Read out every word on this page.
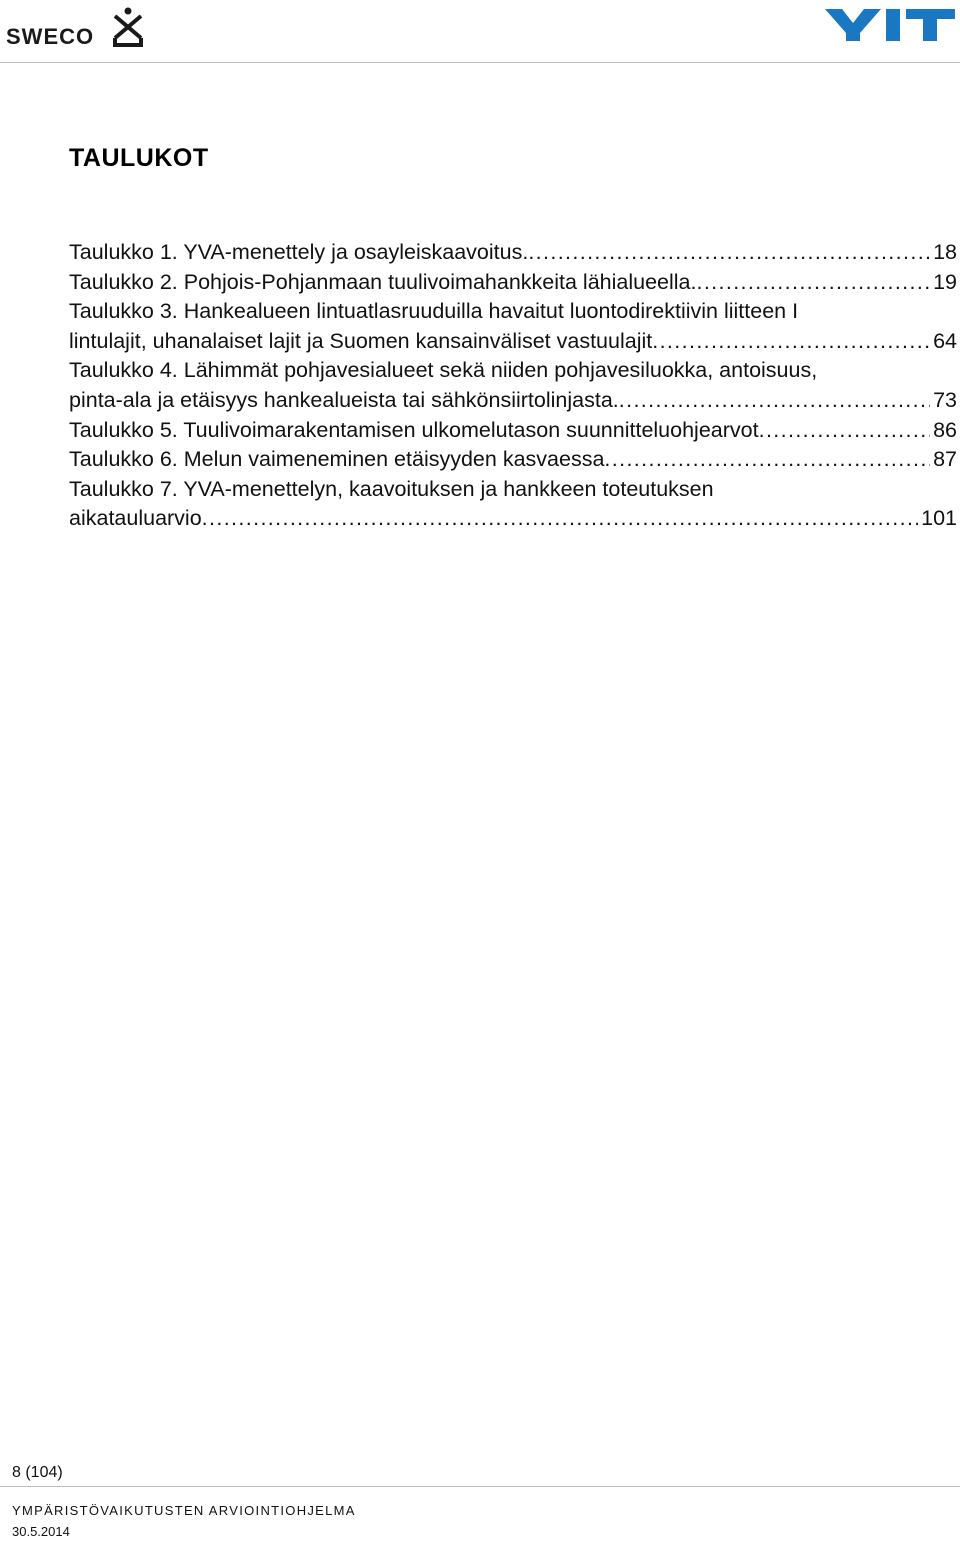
SWECO
TAULUKOT
Taulukko 1. YVA-menettely ja osayleiskaavoitus. . . .	18
Taulukko 2. Pohjois-Pohjanmaan tuulivoimahankkeita lähialueella. . . .	19
Taulukko 3. Hankealueen lintuatlasruuduilla havaitut luontodirektiivin liitteen I
lintulajit, uhanalaiset lajit ja Suomen kansainväliset vastuulajit . . .	64
Taulukko 4. Lähimmät pohjavesialueet sekä niiden pohjavesiluokka, antoisuus,
pinta-ala ja etäisyys hankealueista tai sähkönsiirtolinjasta. . . .	73
Taulukko 5. Tuulivoimarakentamisen ulkomelutason suunnitteluohjearvot . . .	86
Taulukko 6. Melun vaimeneminen etäisyyden kasvaessa . . .	87
Taulukko 7. YVA-menettelyn, kaavoituksen ja hankkeen toteutuksen
aikatauluarvio . . .	101
8 (104)
YMPÄRISTÖVAIKUTUSTEN ARVIOINTIOHJELMA
30.5.2014
